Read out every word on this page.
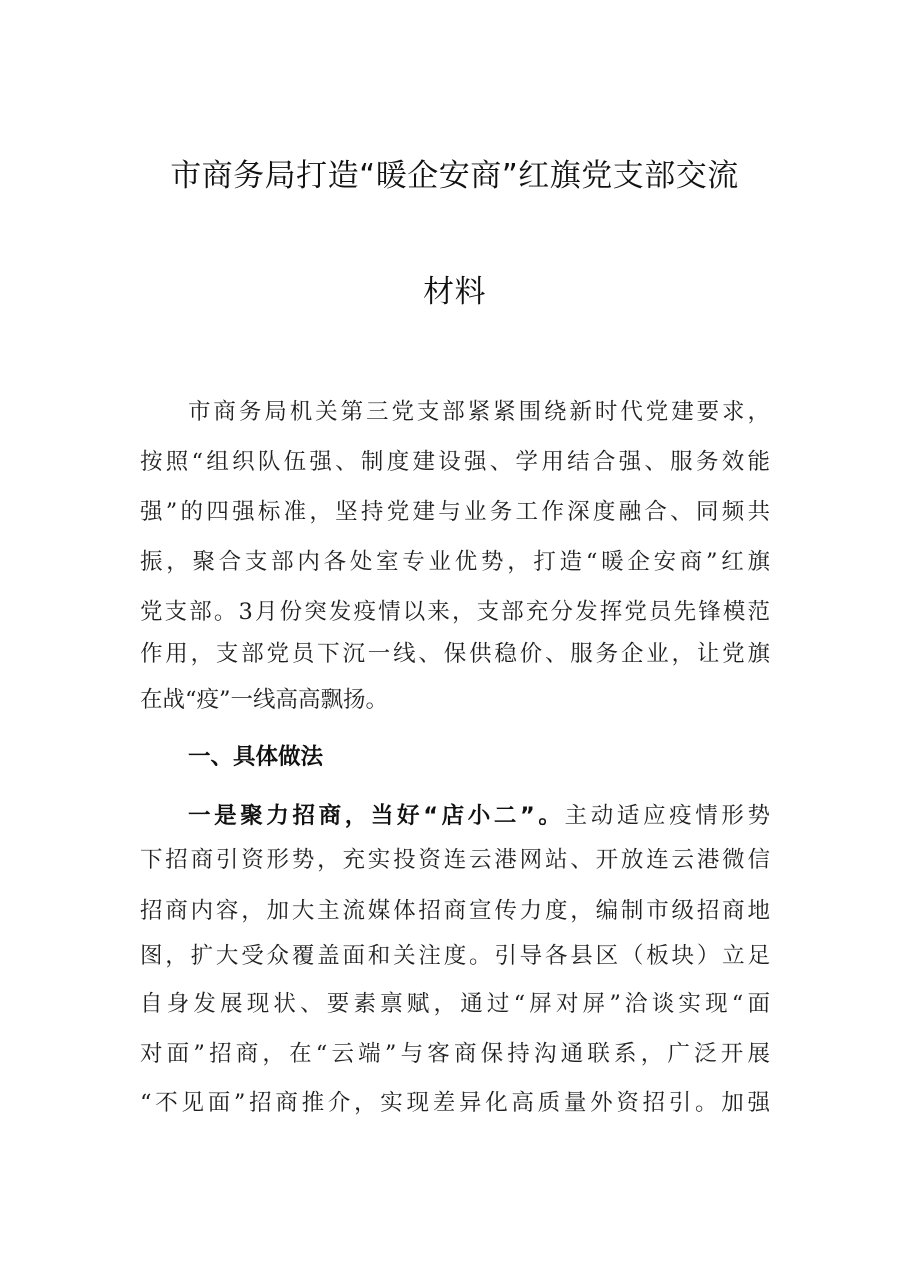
市商务局打造“暖企安商”红旗党支部交流
材料
市商务局机关第三党支部紧紧围绕新时代党建要求，
按照“组织队伍强、制度建设强、学用结合强、服务效能
强”的四强标准，坚持党建与业务工作深度融合、同频共
振，聚合支部内各处室专业优势，打造“暖企安商”红旗
党支部。3月份突发疫情以来，支部充分发挥党员先锋模范
作用，支部党员下沉一线、保供稳价、服务企业，让党旗
在战“疫”一线高高飘扬。
一、具体做法
一是聚力招商，当好“店小二”。主动适应疫情形势
下招商引资形势，充实投资连云港网站、开放连云港微信
招商内容，加大主流媒体招商宣传力度，编制市级招商地
图，扩大受众覆盖面和关注度。引导各县区（板块）立足
自身发展现状、要素禀赋，通过“屏对屏”洽谈实现“面
对面”招商，在“云端”与客商保持沟通联系，广泛开展
“不见面”招商推介，实现差异化高质量外资招引。加强
